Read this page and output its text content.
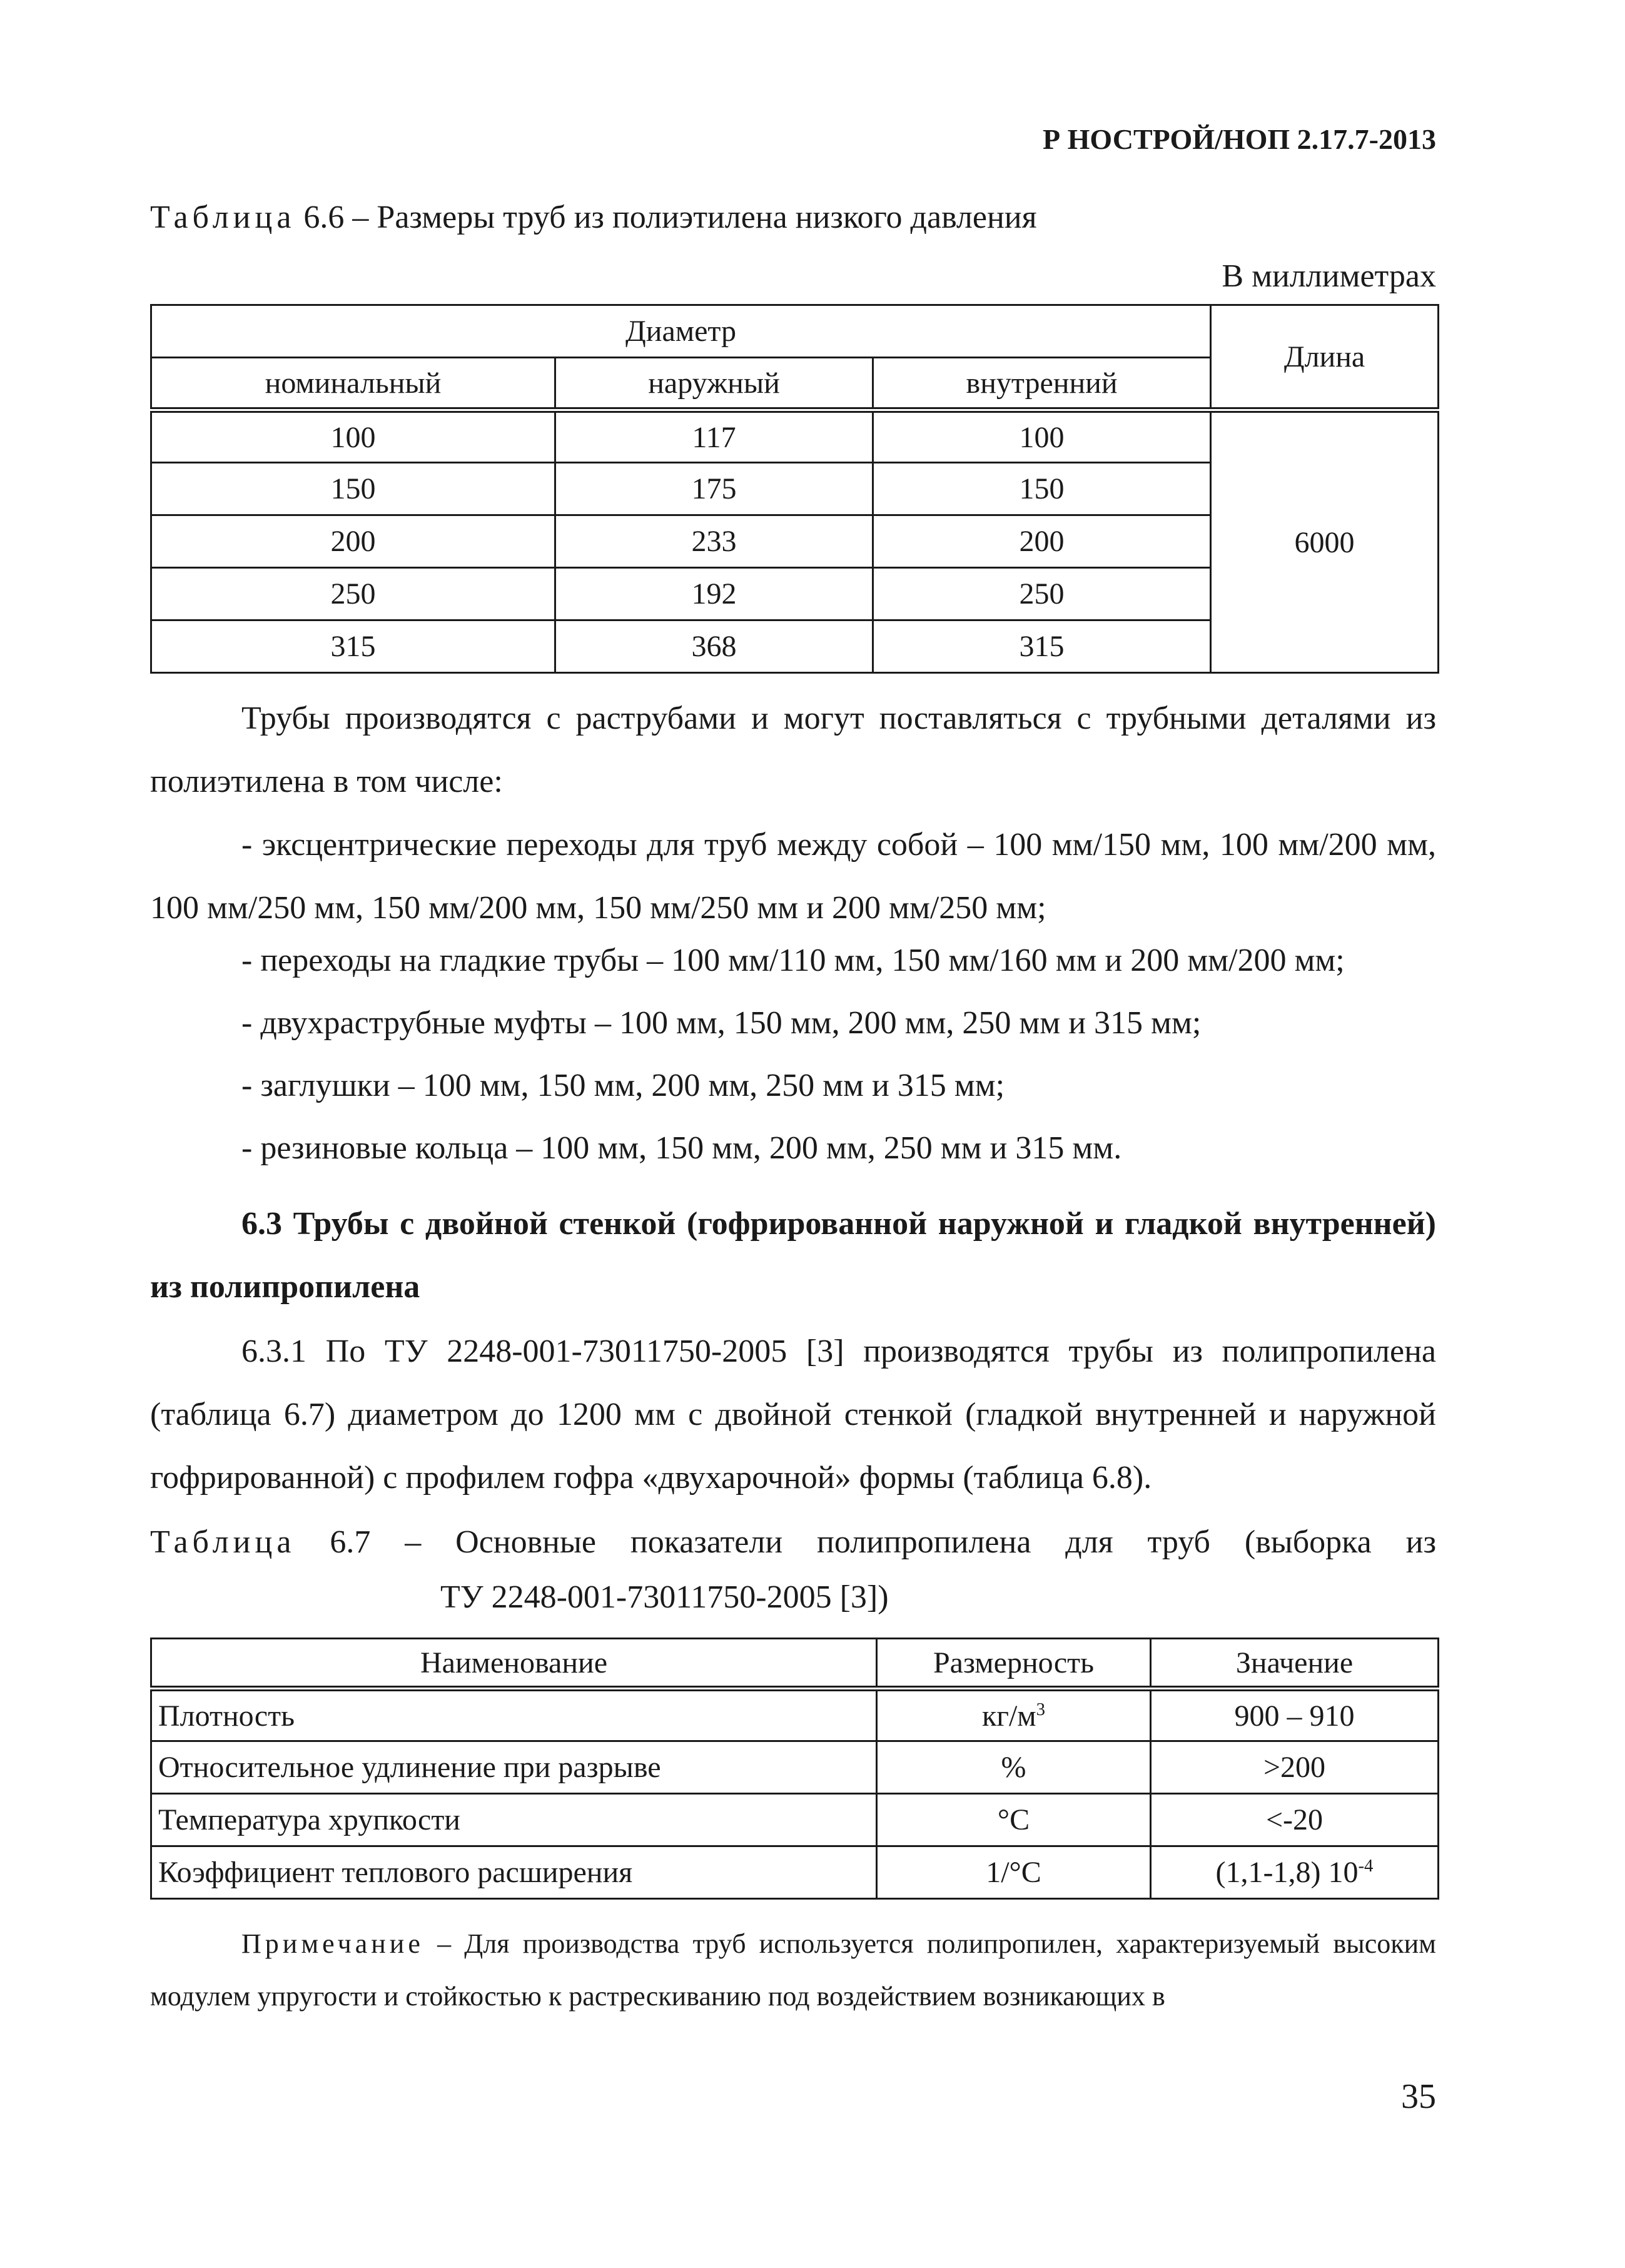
Р НОСТРОЙ/НОП 2.17.7-2013
Таблица 6.6 – Размеры труб из полиэтилена низкого давления
В миллиметрах
Диаметр			Длина
номинальный	наружный	внутренний	
100	117	100	6000
150	175	150	
200	233	200	
250	192	250	
315	368	315	
Трубы производятся с раструбами и могут поставляться с трубными деталями из полиэтилена в том числе:
- эксцентрические переходы для труб между собой – 100 мм/150 мм, 100 мм/200 мм, 100 мм/250 мм, 150 мм/200 мм, 150 мм/250 мм и 200 мм/250 мм;
- переходы на гладкие трубы – 100 мм/110 мм, 150 мм/160 мм и 200 мм/200 мм;
- двухраструбные муфты – 100 мм, 150 мм, 200 мм, 250 мм и 315 мм;
- заглушки – 100 мм, 150 мм, 200 мм, 250 мм и 315 мм;
- резиновые кольца – 100 мм, 150 мм, 200 мм, 250 мм и 315 мм.
6.3 Трубы с двойной стенкой (гофрированной наружной и гладкой внутренней) из полипропилена
6.3.1 По ТУ 2248-001-73011750-2005 [3] производятся трубы из полипропилена (таблица 6.7) диаметром до 1200 мм с двойной стенкой (гладкой внутренней и наружной гофрированной) с профилем гофра «двухарочной» формы (таблица 6.8).
Таблица 6.7 – Основные показатели полипропилена для труб (выборка из
ТУ 2248-001-73011750-2005 [3])
Наименование	Размерность	Значение
Плотность	$кг/м^3$	900 – 910
Относительное удлинение при разрыве	%	>200
Температура хрупкости	°С	<-20
Коэффициент теплового расширения	1/°С	(1,1-1,8) $10^{-4}$
Примечание – Для производства труб используется полипропилен, характеризуемый высоким модулем упругости и стойкостью к растрескиванию под воздействием возникающих в
35
